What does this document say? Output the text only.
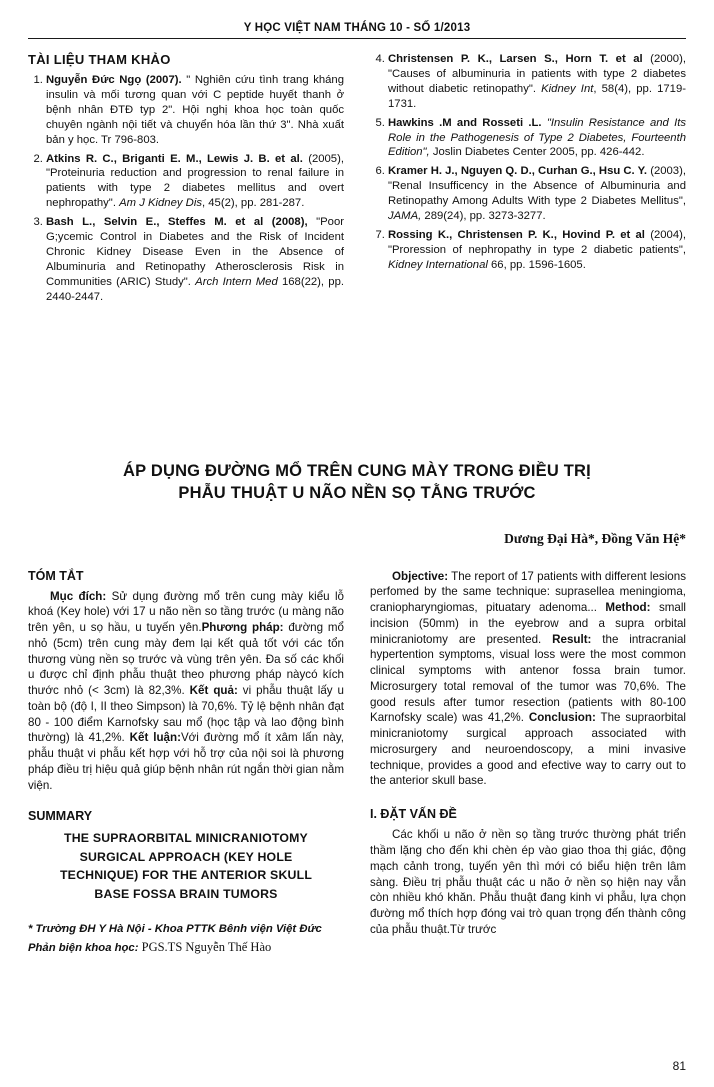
Y HỌC VIỆT NAM THÁNG 10 - SỐ 1/2013
TÀI LIỆU THAM KHẢO
1. Nguyễn Đức Ngọ (2007). " Nghiên cứu tình trang kháng insulin và mối tương quan với C peptide huyết thanh ở bệnh nhân ĐTĐ typ 2". Hội nghị khoa học toàn quốc chuyên ngành nội tiết và chuyển hóa lần thứ 3". Nhà xuất bản y học. Tr 796-803.
2. Atkins R. C., Briganti E. M., Lewis J. B. et al. (2005), "Proteinuria reduction and progression to renal failure in patients with type 2 diabetes mellitus and overt nephropathy". Am J Kidney Dis, 45(2), pp. 281-287.
3. Bash L., Selvin E., Steffes M. et al (2008), "Poor G;ycemic Control in Diabetes and the Risk of Incident Chronic Kidney Disease Even in the Absence of Albuminuria and Retinopathy Atherosclerosis Risk in Communities (ARIC) Study". Arch Intern Med 168(22), pp. 2440-2447.
4. Christensen P. K., Larsen S., Horn T. et al (2000), "Causes of albuminuria in patients with type 2 diabetes without diabetic retinopathy". Kidney Int, 58(4), pp. 1719-1731.
5. Hawkins .M and Rosseti .L. "Insulin Resistance and Its Role in the Pathogenesis of Type 2 Diabetes, Fourteenth Edition", Joslin Diabetes Center 2005, pp. 426-442.
6. Kramer H. J., Nguyen Q. D., Curhan G., Hsu C. Y. (2003), "Renal Insufficency in the Absence of Albuminuria and Retinopathy Among Adults With type 2 Diabetes Mellitus", JAMA, 289(24), pp. 3273-3277.
7. Rossing K., Christensen P. K., Hovind P. et al (2004), "Proression of nephropathy in type 2 diabetic patients", Kidney International 66, pp. 1596-1605.
ÁP DỤNG ĐƯỜNG MỔ TRÊN CUNG MÀY TRONG ĐIỀU TRỊ
PHẪU THUẬT U NÃO NỀN SỌ TẰNG TRƯỚC
Dương Đại Hà*, Đồng Văn Hệ*
TÓM TẮT

Mục đích: Sử dụng đường mổ trên cung mày kiểu lỗ khoá (Key hole) với 17 u não nền so tầng trước (u màng não trên yên, u sọ hầu, u tuyến yên.Phương pháp: đường mổ nhỏ (5cm) trên cung mày đem lại kết quả tốt với các tổn thương vùng nền sọ trước và vùng trên yên. Đa số các khối u được chỉ định phẫu thuật theo phương pháp nàycó kích thước nhỏ (< 3cm) là 82,3%. Kết quả: vi phẫu thuật lấy u toàn bộ (độ I, II theo Simpson) là 70,6%. Tỷ lệ bệnh nhân đạt 80 - 100 điểm Karnofsky sau mổ (học tập và lao động bình thường) là 41,2%. Kết luận:Với đường mổ ít xâm lấn này, phẫu thuật vi phẫu kết hợp với hỗ trợ của nội soi là phương pháp điều trị hiệu quả giúp bệnh nhân rút ngắn thời gian nằm viện.

SUMMARY
THE SUPRAORBITAL MINICRANIOTOMY SURGICAL APPROACH (KEY HOLE TECHNIQUE) FOR THE ANTERIOR SKULL BASE FOSSA BRAIN TUMORS
* Trường ĐH Y Hà Nội - Khoa PTTK Bênh viện Việt Đức
Phản biện khoa học: PGS.TS Nguyễn Thế Hào

Objective: The report of 17 patients with different lesions perfomed by the same technique: suprasellea meningioma, craniopharyngiomas, pituatary adenoma... Method: small incision (50mm) in the eyebrow and a supra orbital minicraniotomy are presented. Result: the intracranial hypertention symptoms, visual loss were the most common clinical symptoms with antenor fossa brain tumor. Microsurgery total removal of the tumor was 70,6%. The good resuls after tumor resection (patients with 80-100 Karnofsky scale) was 41,2%. Conclusion: The supraorbital minicraniotomy surgical approach associated with microsurgery and neuroendoscopy, a mini invasive technique, provides a good and efective way to carry out to the anterior skull base.

I. ĐẶT VẤN ĐỀ

Các khối u não ở nền sọ tầng trước thường phát triển thầm lặng cho đến khi chèn ép vào giao thoa thị giác, động mạch cảnh trong, tuyến yên thì mới có biểu hiện trên lâm sàng. Điều trị phẫu thuật các u não ở nền sọ hiện nay vẫn còn nhiều khó khăn. Phẫu thuật đang kinh vi phẫu, lựa chọn đường mổ thích hợp đóng vai trò quan trọng đến thành công của phẫu thuật.Từ trước

81
